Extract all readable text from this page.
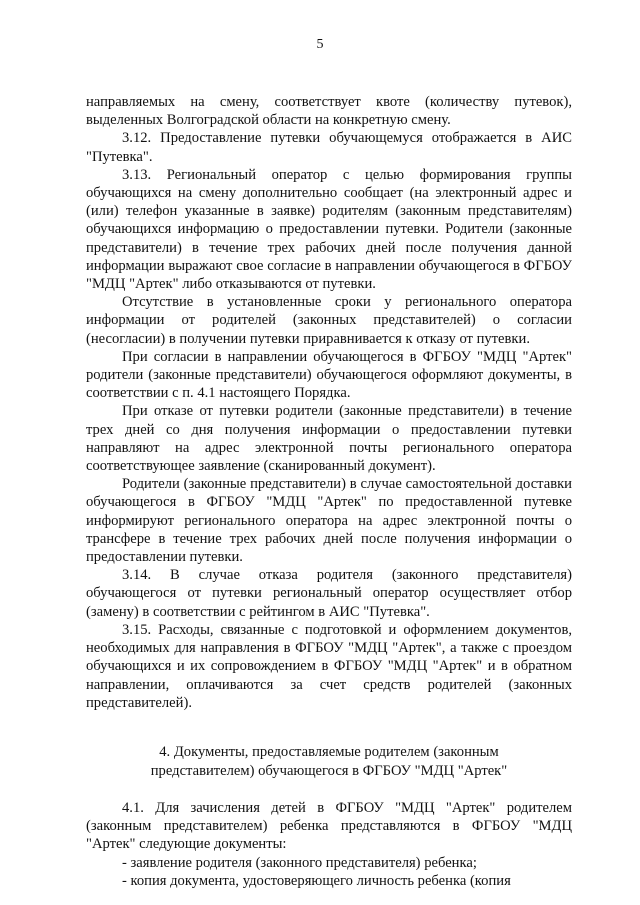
5

направляемых на смену, соответствует квоте (количеству путевок), выделенных Волгоградской области на конкретную смену.

3.12. Предоставление путевки обучающемуся отображается в АИС "Путевка".

3.13. Региональный оператор с целью формирования группы обучающихся на смену дополнительно сообщает (на электронный адрес и (или) телефон указанные в заявке) родителям (законным представителям) обучающихся информацию о предоставлении путевки. Родители (законные представители) в течение трех рабочих дней после получения данной информации выражают свое согласие в направлении обучающегося в ФГБОУ "МДЦ "Артек" либо отказываются от путевки.

Отсутствие в установленные сроки у регионального оператора информации от родителей (законных представителей) о согласии (несогласии) в получении путевки приравнивается к отказу от путевки.

При согласии в направлении обучающегося в ФГБОУ "МДЦ "Артек" родители (законные представители) обучающегося оформляют документы, в соответствии с п. 4.1 настоящего Порядка.

При отказе от путевки родители (законные представители) в течение трех дней со дня получения информации о предоставлении путевки направляют на адрес электронной почты регионального оператора соответствующее заявление (сканированный документ).

Родители (законные представители) в случае самостоятельной доставки обучающегося в ФГБОУ "МДЦ "Артек" по предоставленной путевке информируют регионального оператора на адрес электронной почты о трансфере в течение трех рабочих дней после получения информации о предоставлении путевки.

3.14. В случае отказа родителя (законного представителя) обучающегося от путевки региональный оператор осуществляет отбор (замену) в соответствии с рейтингом в АИС "Путевка".

3.15. Расходы, связанные с подготовкой и оформлением документов, необходимых для направления в ФГБОУ "МДЦ "Артек", а также с проездом обучающихся и их сопровождением в ФГБОУ "МДЦ "Артек" и в обратном направлении, оплачиваются за счет средств родителей (законных представителей).

4. Документы, предоставляемые родителем (законным
представителем) обучающегося в ФГБОУ "МДЦ "Артек"

4.1. Для зачисления детей в ФГБОУ "МДЦ "Артек" родителем (законным представителем) ребенка представляются в ФГБОУ "МДЦ "Артек" следующие документы:

- заявление родителя (законного представителя) ребенка;

- копия документа, удостоверяющего личность ребенка (копия
